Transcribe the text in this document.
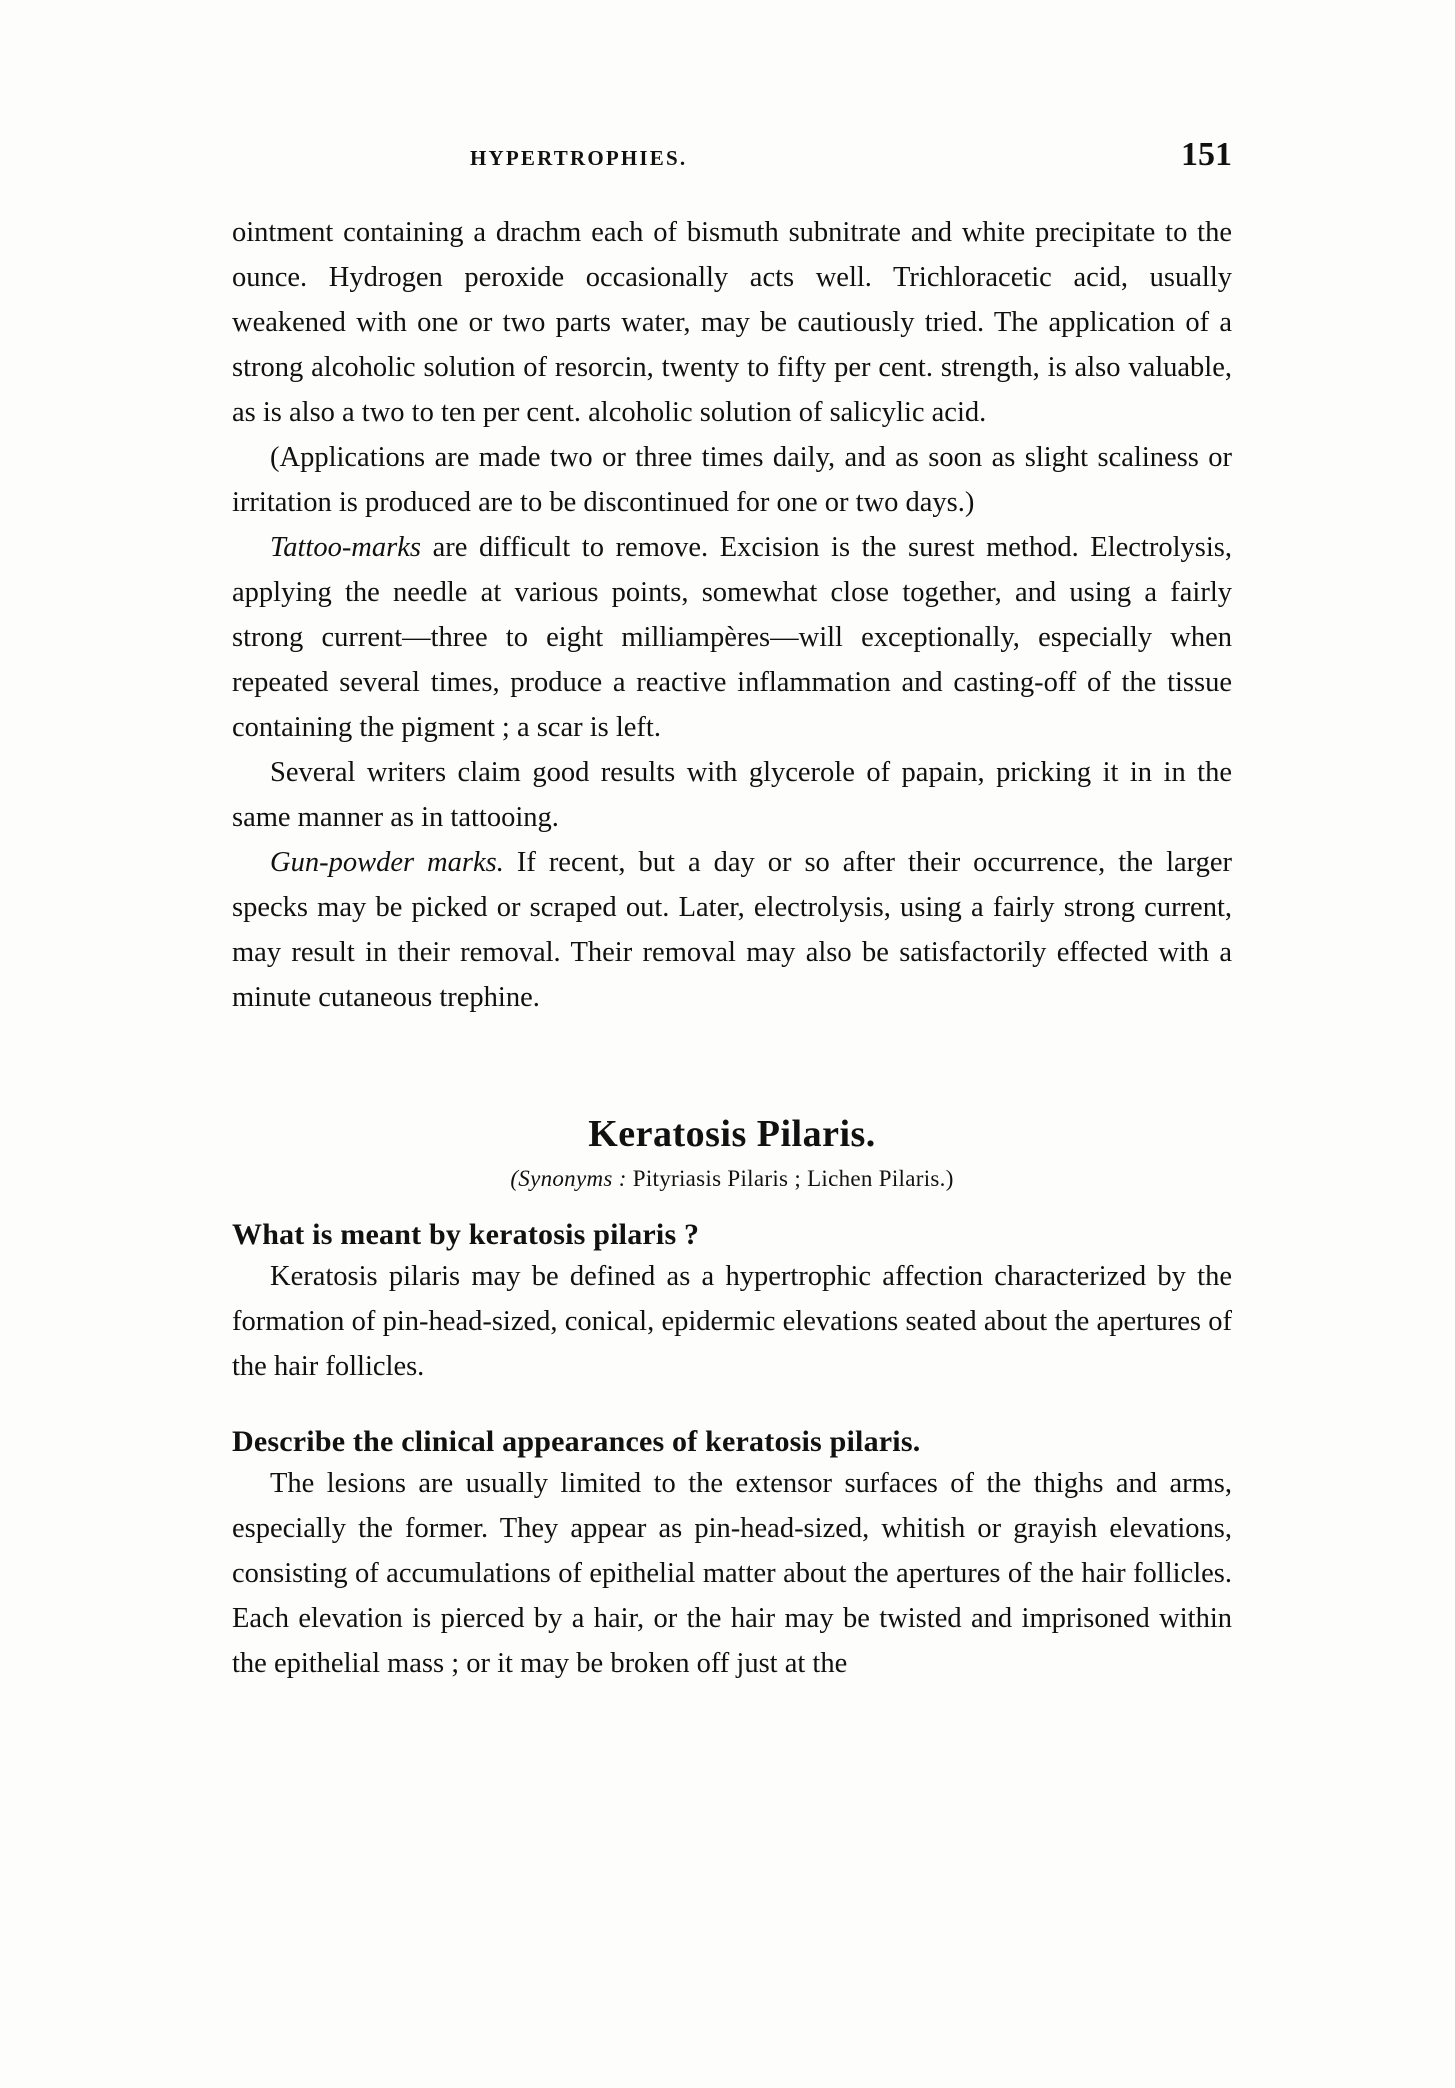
HYPERTROPHIES.	151

ointment containing a drachm each of bismuth subnitrate and white precipitate to the ounce. Hydrogen peroxide occasionally acts well. Trichloracetic acid, usually weakened with one or two parts water, may be cautiously tried. The application of a strong alcoholic solution of resorcin, twenty to fifty per cent. strength, is also valuable, as is also a two to ten per cent. alcoholic solution of salicylic acid.

(Applications are made two or three times daily, and as soon as slight scaliness or irritation is produced are to be discontinued for one or two days.)

Tattoo-marks are difficult to remove. Excision is the surest method. Electrolysis, applying the needle at various points, somewhat close together, and using a fairly strong current—three to eight milliampères—will exceptionally, especially when repeated several times, produce a reactive inflammation and casting-off of the tissue containing the pigment ; a scar is left.

Several writers claim good results with glycerole of papain, pricking it in in the same manner as in tattooing.

Gun-powder marks. If recent, but a day or so after their occurrence, the larger specks may be picked or scraped out. Later, electrolysis, using a fairly strong current, may result in their removal. Their removal may also be satisfactorily effected with a minute cutaneous trephine.

Keratosis Pilaris.
(Synonyms : Pityriasis Pilaris ; Lichen Pilaris.)
What is meant by keratosis pilaris ?

Keratosis pilaris may be defined as a hypertrophic affection characterized by the formation of pin-head-sized, conical, epidermic elevations seated about the apertures of the hair follicles.

Describe the clinical appearances of keratosis pilaris.

The lesions are usually limited to the extensor surfaces of the thighs and arms, especially the former. They appear as pin-head-sized, whitish or grayish elevations, consisting of accumulations of epithelial matter about the apertures of the hair follicles. Each elevation is pierced by a hair, or the hair may be twisted and imprisoned within the epithelial mass ; or it may be broken off just at the
